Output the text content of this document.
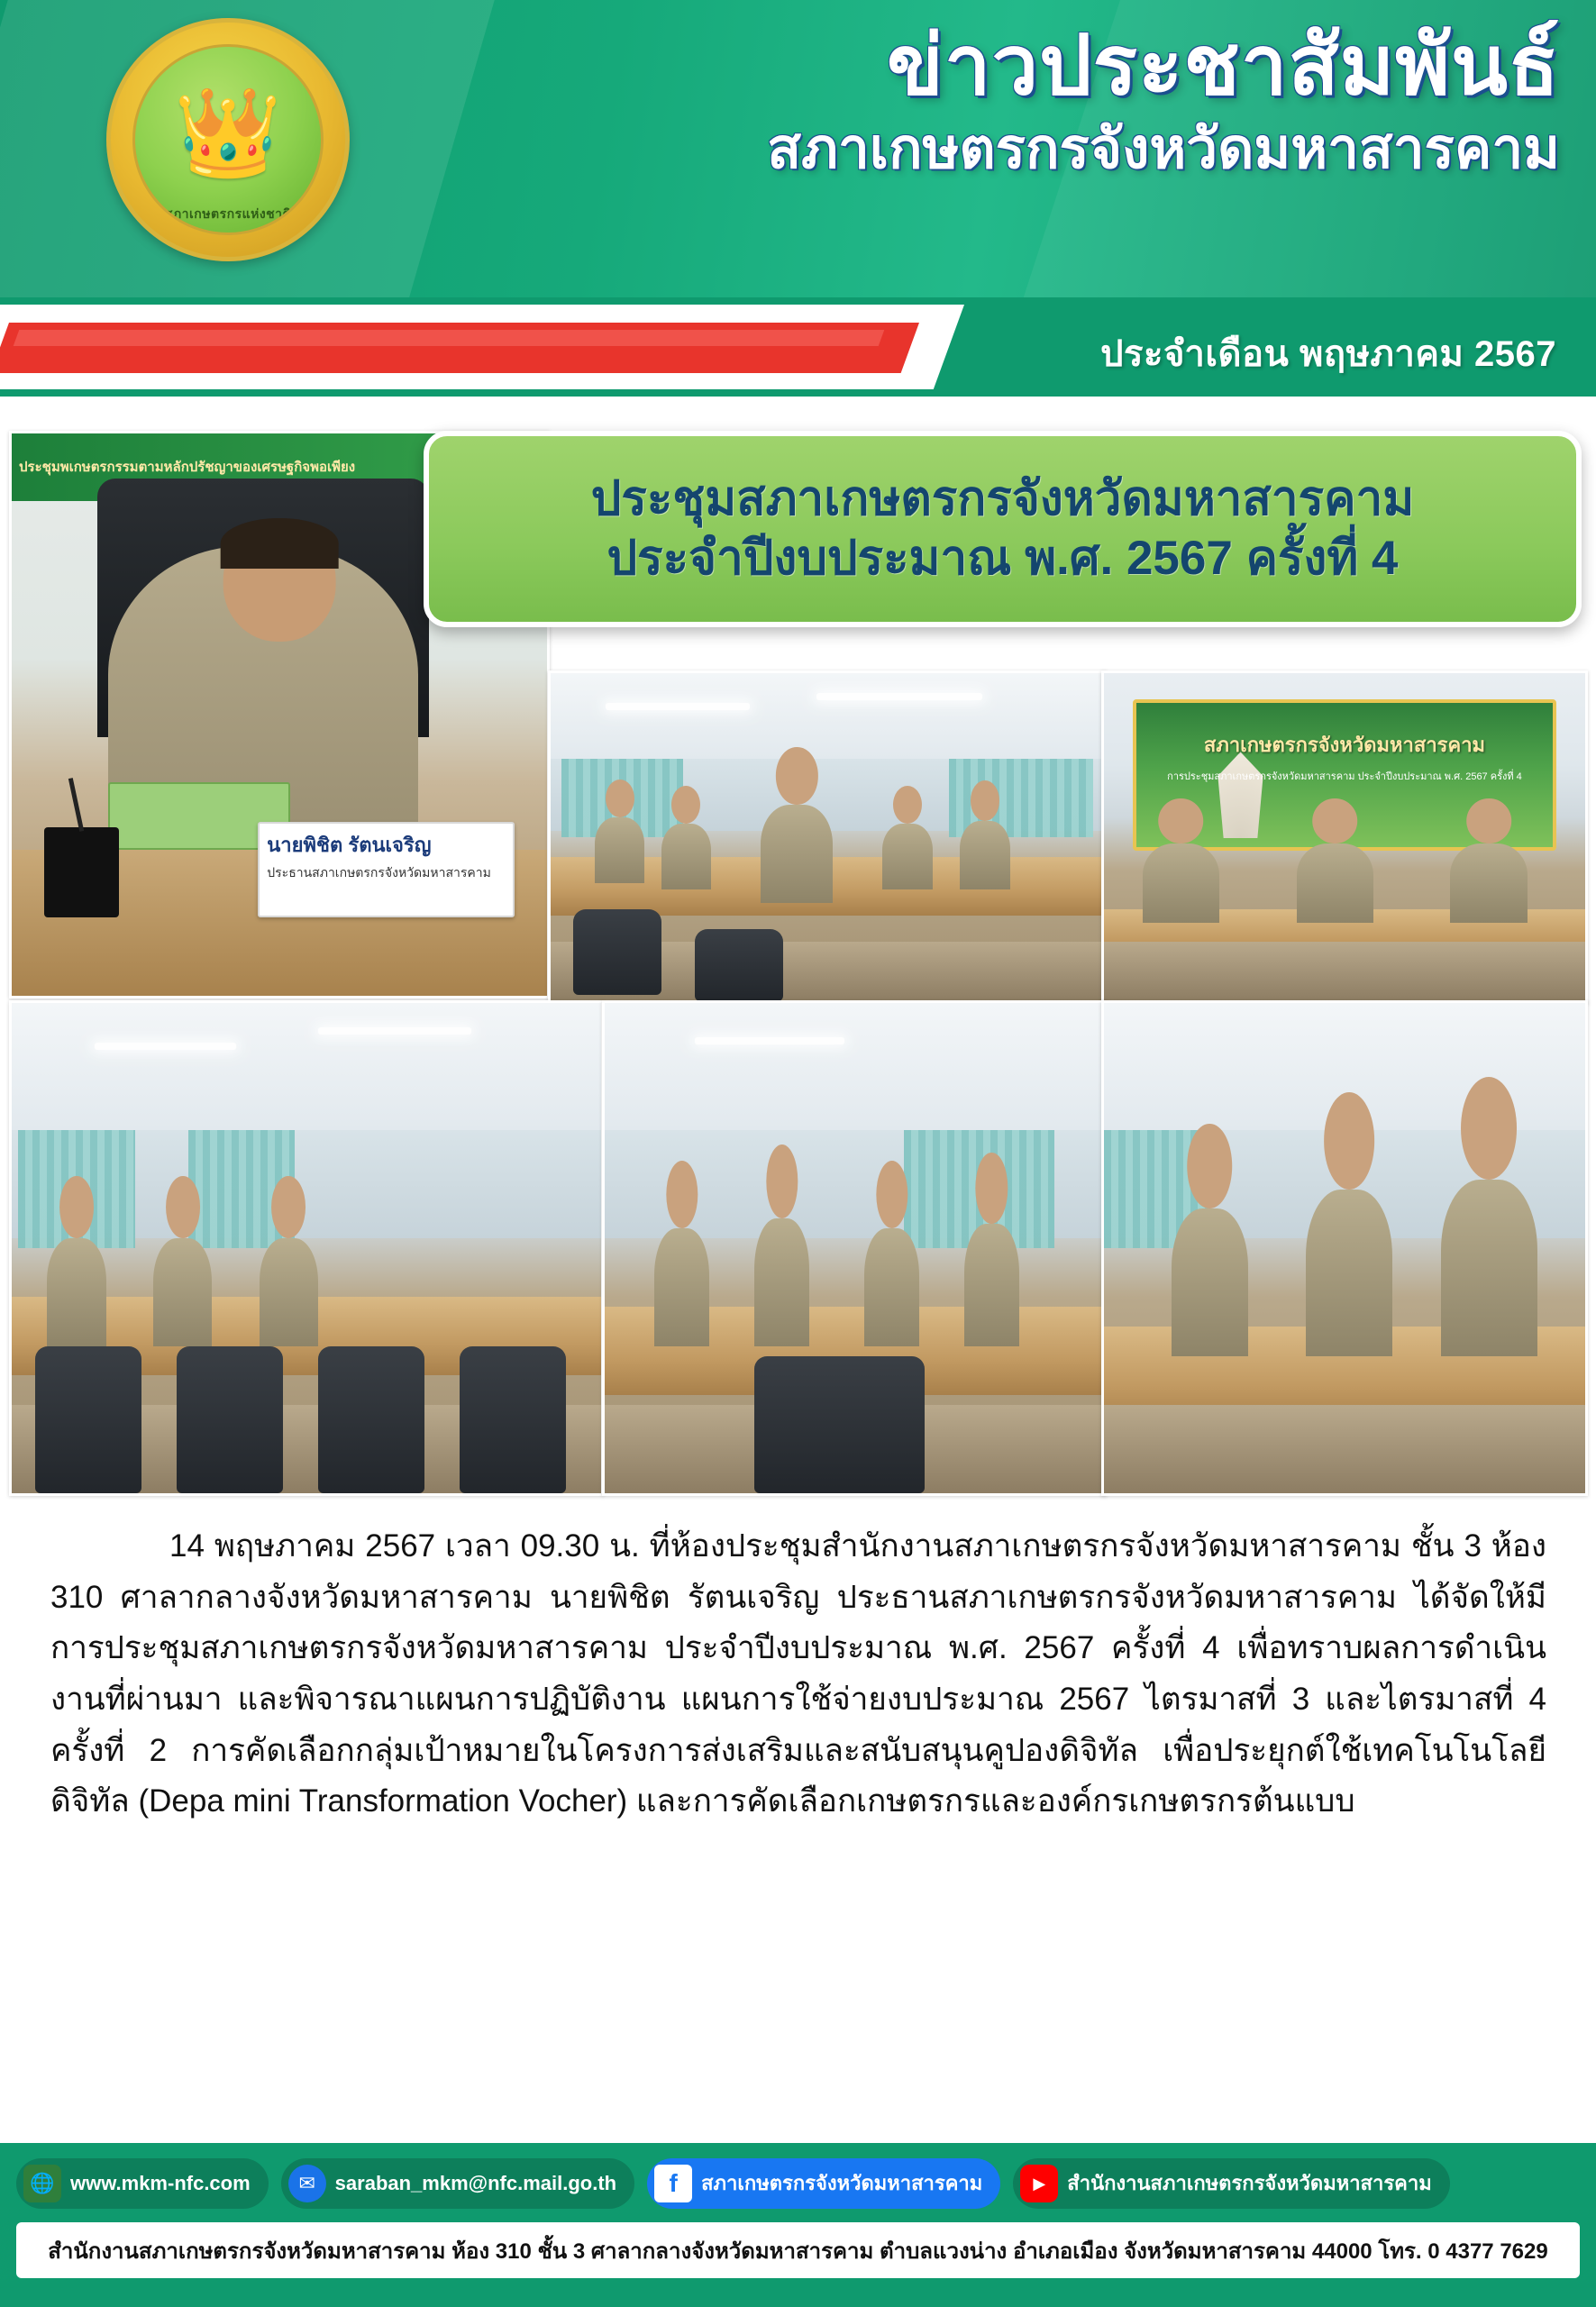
👑
สภาเกษตรกรแห่งชาติ
ข่าวประชาสัมพันธ์
สภาเกษตรกรจังหวัดมหาสารคาม
ประจำเดือน พฤษภาคม 2567
ประชุมพเกษตรกรรมตามหลักปรัชญาของเศรษฐกิจพอเพียง
นายพิชิต รัตนเจริญ
ประธานสภาเกษตรกรจังหวัดมหาสารคาม
สภาเกษตรกรจังหวัดมหาสารคาม
การประชุมสภาเกษตรกรจังหวัดมหาสารคาม ประจำปีงบประมาณ พ.ศ. 2567 ครั้งที่ 4
ประชุมสภาเกษตรกรจังหวัดมหาสารคาม
ประจำปีงบประมาณ พ.ศ. 2567 ครั้งที่ 4
14 พฤษภาคม 2567 เวลา 09.30 น. ที่ห้องประชุมสำนักงานสภาเกษตรกรจังหวัดมหาสารคาม ชั้น 3 ห้อง 310 ศาลากลางจังหวัดมหาสารคาม นายพิชิต รัตนเจริญ ประธานสภาเกษตรกรจังหวัดมหาสารคาม ได้จัดให้มีการประชุมสภาเกษตรกรจังหวัดมหาสารคาม ประจำปีงบประมาณ พ.ศ. 2567 ครั้งที่ 4 เพื่อทราบผลการดำเนินงานที่ผ่านมา และพิจารณาแผนการปฏิบัติงาน แผนการใช้จ่ายงบประมาณ 2567 ไตรมาสที่ 3 และไตรมาสที่ 4 ครั้งที่ 2 การคัดเลือกกลุ่มเป้าหมายในโครงการส่งเสริมและสนับสนุนคูปองดิจิทัล เพื่อประยุกต์ใช้เทคโนโนโลยีดิจิทัล (Depa mini Transformation Vocher) และการคัดเลือกเกษตรกรและองค์กรเกษตรกรต้นแบบ
🌐 www.mkm-nfc.com	✉ saraban_mkm@nfc.mail.go.th	f	สภาเกษตรกรจังหวัดมหาสารคาม	▶	สำนักงานสภาเกษตรกรจังหวัดมหาสารคาม
สำนักงานสภาเกษตรกรจังหวัดมหาสารคาม ห้อง 310 ชั้น 3 ศาลากลางจังหวัดมหาสารคาม ตำบลแวงน่าง อำเภอเมือง จังหวัดมหาสารคาม 44000 โทร. 0 4377 7629
